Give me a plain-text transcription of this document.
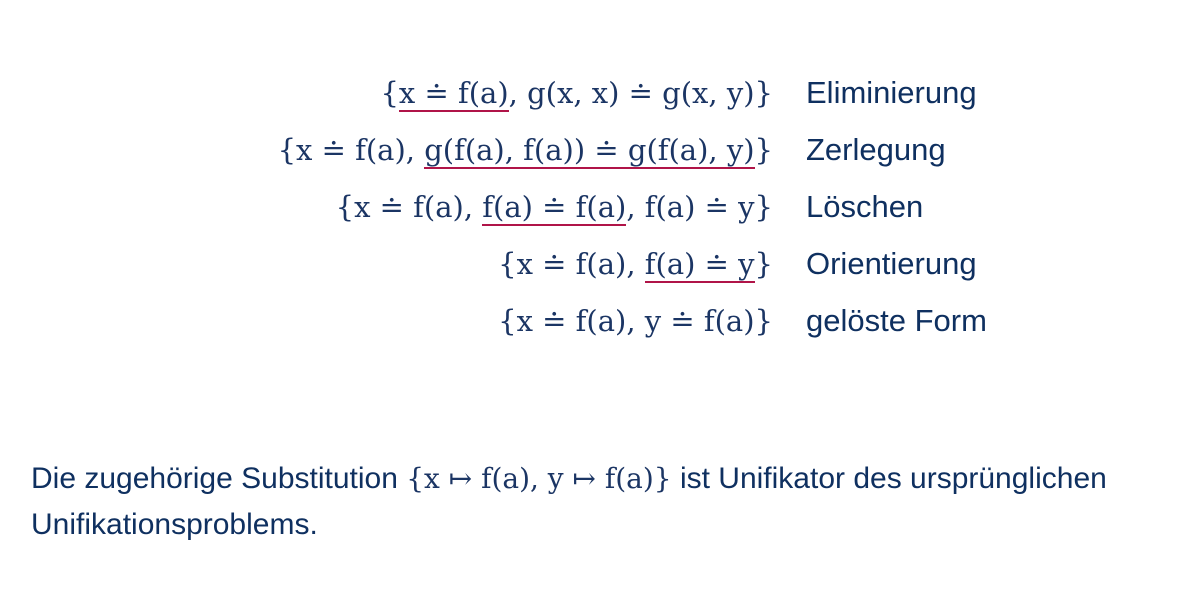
{x ≐ f(a), g(x, x) ≐ g(x, y)} Eliminierung
{x ≐ f(a), g(f(a), f(a)) ≐ g(f(a), y)} Zerlegung
{x ≐ f(a), f(a) ≐ f(a), f(a) ≐ y} Löschen
{x ≐ f(a), f(a) ≐ y} Orientierung
{x ≐ f(a), y ≐ f(a)} gelöste Form

Die zugehörige Substitution {x ↦ f(a), y ↦ f(a)} ist Unifikator des ursprünglichen Unifikationsproblems.
